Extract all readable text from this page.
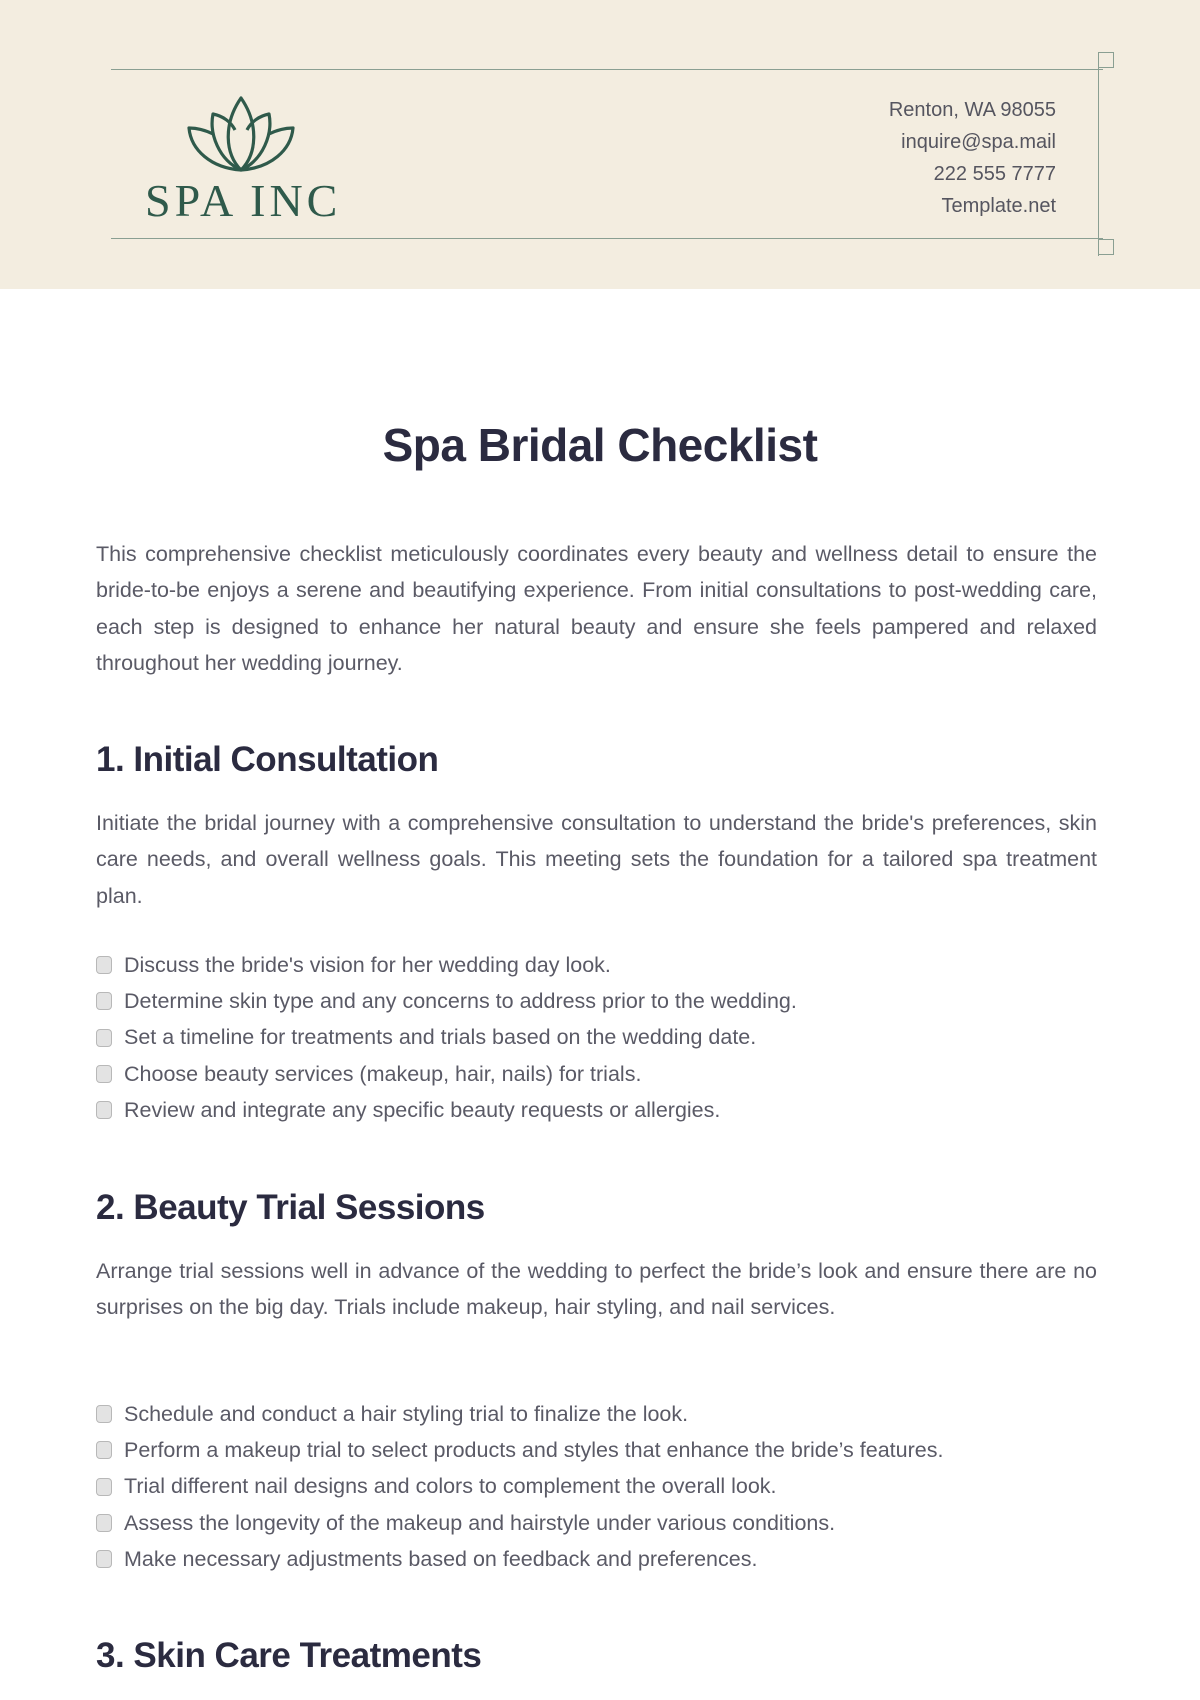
SPA INC
Renton, WA 98055
inquire@spa.mail
222 555 7777
Template.net
Spa Bridal Checklist
This comprehensive checklist meticulously coordinates every beauty and wellness detail to ensure the bride-to-be enjoys a serene and beautifying experience. From initial consultations to post-wedding care, each step is designed to enhance her natural beauty and ensure she feels pampered and relaxed throughout her wedding journey.
1. Initial Consultation
Initiate the bridal journey with a comprehensive consultation to understand the bride's preferences, skin care needs, and overall wellness goals. This meeting sets the foundation for a tailored spa treatment plan.
Discuss the bride's vision for her wedding day look.
Determine skin type and any concerns to address prior to the wedding.
Set a timeline for treatments and trials based on the wedding date.
Choose beauty services (makeup, hair, nails) for trials.
Review and integrate any specific beauty requests or allergies.
2. Beauty Trial Sessions
Arrange trial sessions well in advance of the wedding to perfect the bride’s look and ensure there are no surprises on the big day. Trials include makeup, hair styling, and nail services.
Schedule and conduct a hair styling trial to finalize the look.
Perform a makeup trial to select products and styles that enhance the bride’s features.
Trial different nail designs and colors to complement the overall look.
Assess the longevity of the makeup and hairstyle under various conditions.
Make necessary adjustments based on feedback and preferences.
3. Skin Care Treatments
